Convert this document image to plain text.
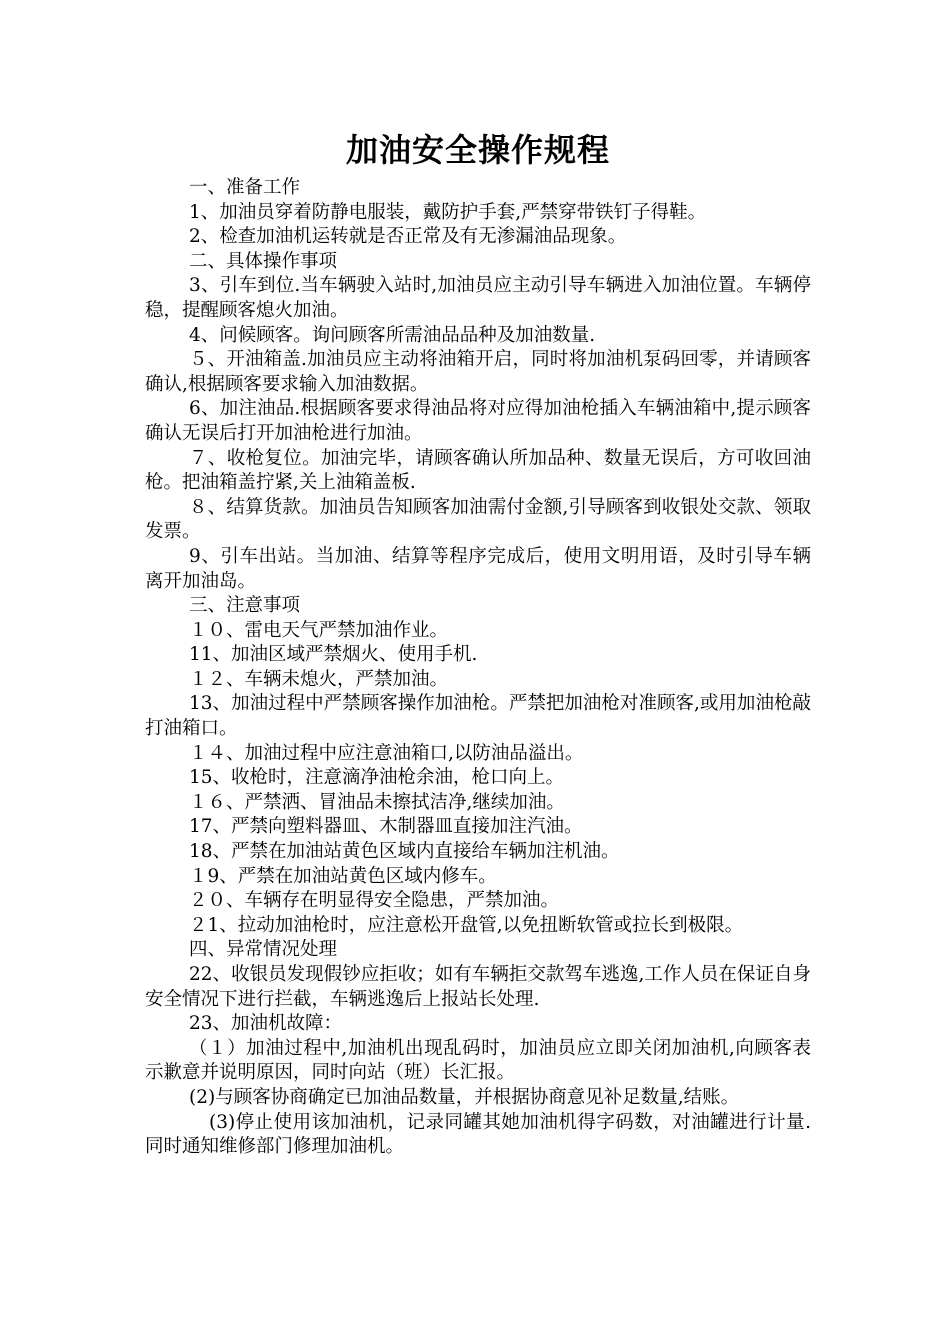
加油安全操作规程

一、准备工作

1、加油员穿着防静电服装，戴防护手套,严禁穿带铁钉子得鞋。

2、检查加油机运转就是否正常及有无渗漏油品现象。

二、具体操作事项

3、引车到位.当车辆驶入站时,加油员应主动引导车辆进入加油位置。车辆停稳，提醒顾客熄火加油。

4、问候顾客。询问顾客所需油品品种及加油数量.

５、开油箱盖.加油员应主动将油箱开启，同时将加油机泵码回零，并请顾客确认,根据顾客要求输入加油数据。

6、加注油品.根据顾客要求得油品将对应得加油枪插入车辆油箱中,提示顾客确认无误后打开加油枪进行加油。

７、收枪复位。加油完毕，请顾客确认所加品种、数量无误后，方可收回油枪。把油箱盖拧紧,关上油箱盖板.

８、结算货款。加油员告知顾客加油需付金额,引导顾客到收银处交款、领取发票。

9、引车出站。当加油、结算等程序完成后，使用文明用语，及时引导车辆离开加油岛。

三、注意事项

１０、雷电天气严禁加油作业。

11、加油区域严禁烟火、使用手机.

１２、车辆未熄火，严禁加油。

13、加油过程中严禁顾客操作加油枪。严禁把加油枪对准顾客,或用加油枪敲打油箱口。

１４、加油过程中应注意油箱口,以防油品溢出。

15、收枪时，注意滴净油枪余油，枪口向上。

１６、严禁洒、冒油品未擦拭洁净,继续加油。

17、严禁向塑料器皿、木制器皿直接加注汽油。

18、严禁在加油站黄色区域内直接给车辆加注机油。

１9、严禁在加油站黄色区域内修车。

２０、车辆存在明显得安全隐患，严禁加油。

２1、拉动加油枪时，应注意松开盘管,以免扭断软管或拉长到极限。

四、异常情况处理

22、收银员发现假钞应拒收；如有车辆拒交款驾车逃逸,工作人员在保证自身安全情况下进行拦截，车辆逃逸后上报站长处理.

23、加油机故障：

（１）加油过程中,加油机出现乱码时，加油员应立即关闭加油机,向顾客表示歉意并说明原因，同时向站（班）长汇报。

(2)与顾客协商确定已加油品数量，并根据协商意见补足数量,结账。

(3)停止使用该加油机，记录同罐其她加油机得字码数，对油罐进行计量.同时通知维修部门修理加油机。
